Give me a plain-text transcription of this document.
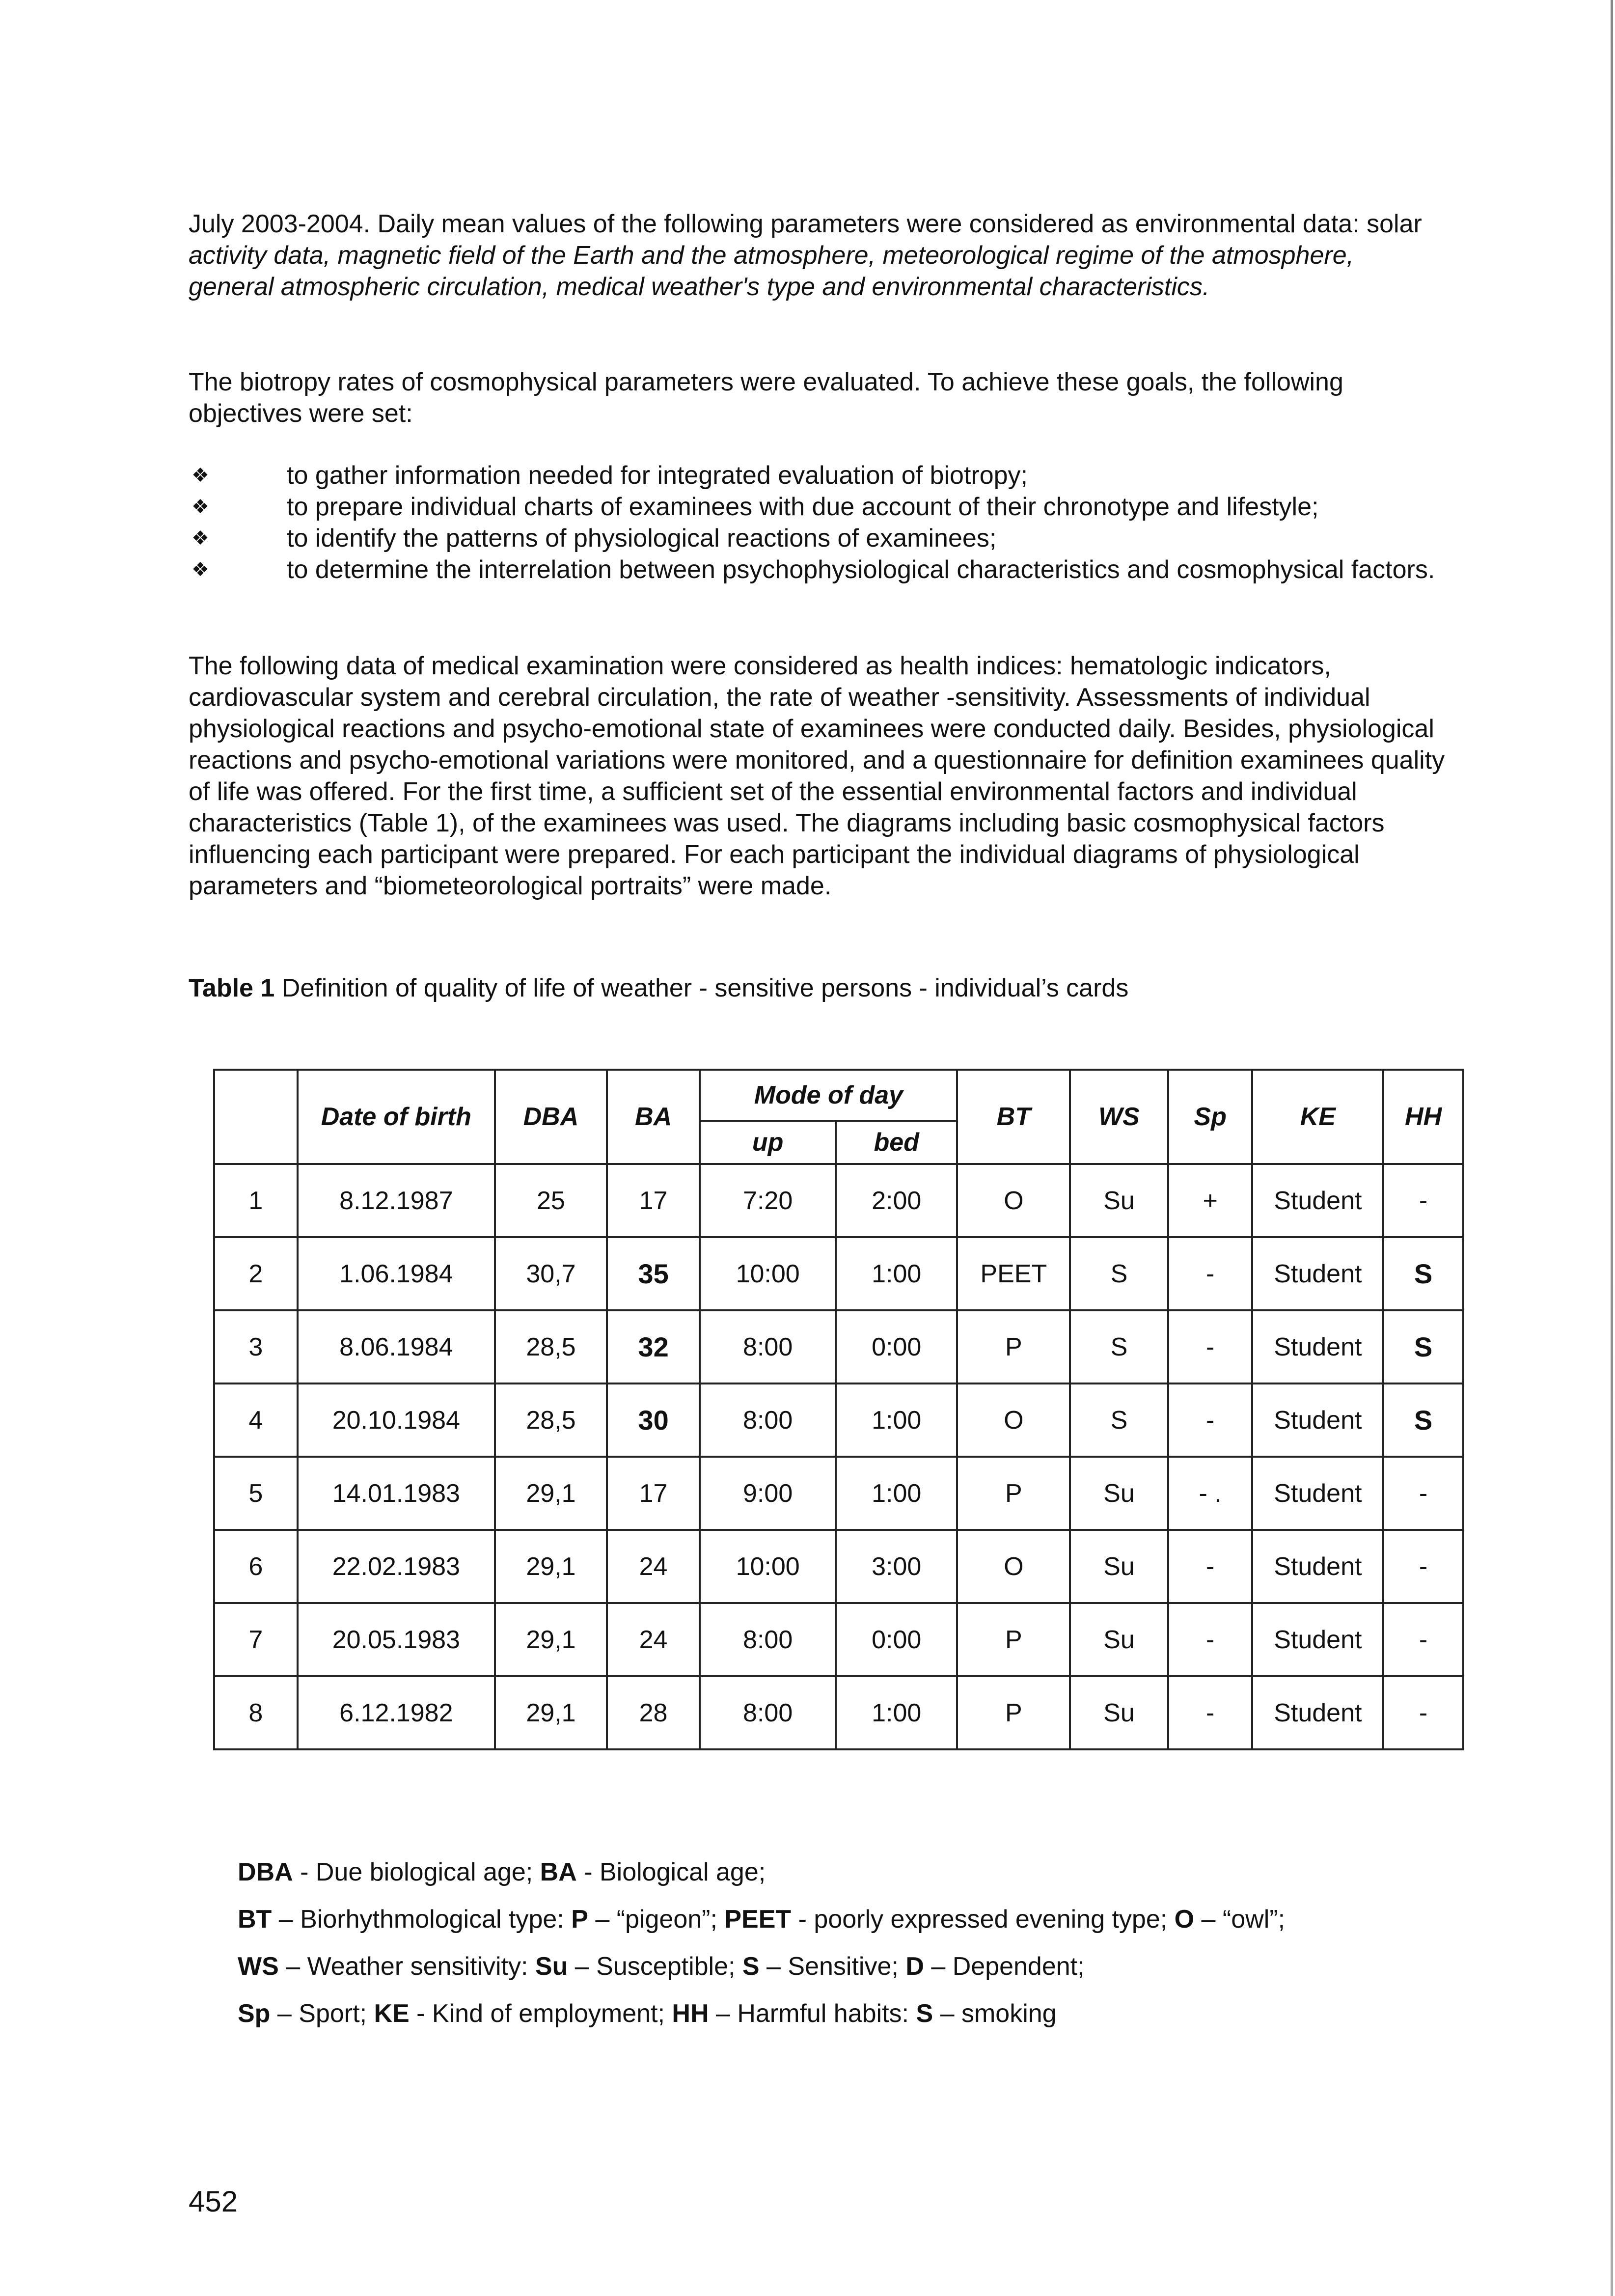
July 2003-2004. Daily mean values of the following parameters were considered as environmental data: solar activity data, magnetic field of the Earth and the atmosphere, meteorological regime of the atmosphere, general atmospheric circulation, medical weather's type and environmental characteristics.

The biotropy rates of cosmophysical parameters were evaluated. To achieve these goals, the following objectives were set:

❖	to gather information needed for integrated evaluation of biotropy;
❖	to prepare individual charts of examinees with due account of their chronotype and lifestyle;
❖	to identify the patterns of physiological reactions of examinees;
❖	to determine the interrelation between psychophysiological characteristics and cosmophysical factors.

The following data of medical examination were considered as health indices: hematologic indicators, cardiovascular system and cerebral circulation, the rate of weather -sensitivity. Assessments of individual physiological reactions and psycho-emotional state of examinees were conducted daily. Besides, physiological reactions and psycho-emotional variations were monitored, and a questionnaire for definition examinees quality of life was offered. For the first time, a sufficient set of the essential environmental factors and individual characteristics (Table 1), of the examinees was used. The diagrams including basic cosmophysical factors influencing each participant were prepared. For each participant the individual diagrams of physiological parameters and “biometeorological portraits” were made.

Table 1 Definition of quality of life of weather - sensitive persons - individual’s cards

	Date of birth	DBA	BA	Mode of day		BT	WS	Sp	KE	HH
				up	bed					
1	8.12.1987	25	17	7:20	2:00	O	Su	+	Student	-
2	1.06.1984	30,7	35	10:00	1:00	PEET	S	-	Student	S
3	8.06.1984	28,5	32	8:00	0:00	P	S	-	Student	S
4	20.10.1984	28,5	30	8:00	1:00	O	S	-	Student	S
5	14.01.1983	29,1	17	9:00	1:00	P	Su	- .	Student	-
6	22.02.1983	29,1	24	10:00	3:00	O	Su	-	Student	-
7	20.05.1983	29,1	24	8:00	0:00	P	Su	-	Student	-
8	6.12.1982	29,1	28	8:00	1:00	P	Su	-	Student	-
DBA - Due biological age; BA - Biological age;
BT – Biorhythmological type: P – “pigeon”; PEET - poorly expressed evening type; O – “owl”;
WS – Weather sensitivity: Su – Susceptible; S – Sensitive; D – Dependent;
Sp – Sport; KE - Kind of employment; HH – Harmful habits: S – smoking

452
